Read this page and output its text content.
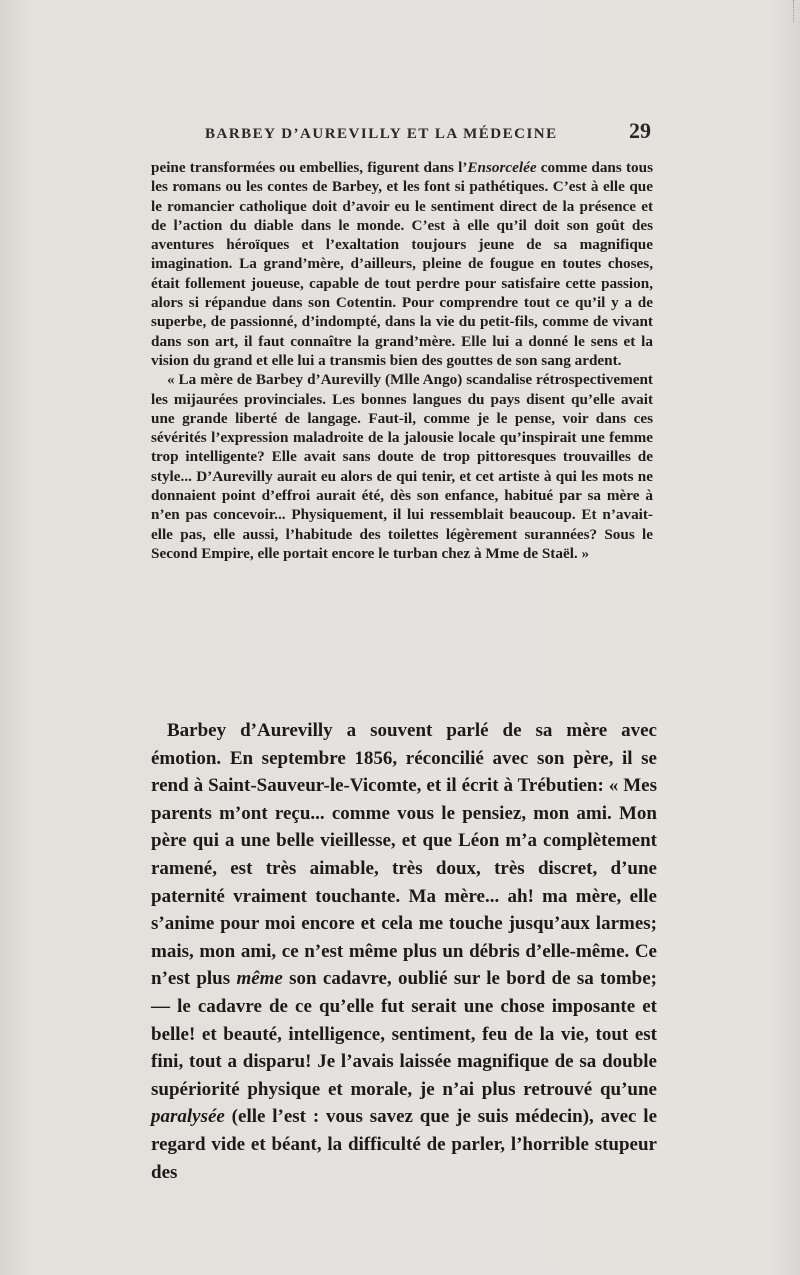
BARBEY D’AUREVILLY ET LA MÉDECINE	29

peine transformées ou embellies, figurent dans l’Ensorcelée comme dans tous les romans ou les contes de Barbey, et les font si pathétiques. C’est à elle que le romancier catholique doit d’avoir eu le sentiment direct de la présence et de l’action du diable dans le monde. C’est à elle qu’il doit son goût des aventures héroïques et l’exaltation toujours jeune de sa magnifique imagination. La grand’mère, d’ailleurs, pleine de fougue en toutes choses, était follement joueuse, capable de tout perdre pour satisfaire cette passion, alors si répandue dans son Cotentin. Pour comprendre tout ce qu’il y a de superbe, de passionné, d’indompté, dans la vie du petit-fils, comme de vivant dans son art, il faut connaître la grand’mère. Elle lui a donné le sens et la vision du grand et elle lui a transmis bien des gouttes de son sang ardent.

« La mère de Barbey d’Aurevilly (Mlle Ango) scandalise rétrospectivement les mijaurées provinciales. Les bonnes langues du pays disent qu’elle avait une grande liberté de langage. Faut-il, comme je le pense, voir dans ces sévérités l’expression maladroite de la jalousie locale qu’inspirait une femme trop intelligente? Elle avait sans doute de trop pittoresques trouvailles de style... D’Aurevilly aurait eu alors de qui tenir, et cet artiste à qui les mots ne donnaient point d’effroi aurait été, dès son enfance, habitué par sa mère à n’en pas concevoir... Physiquement, il lui ressemblait beaucoup. Et n’avait-elle pas, elle aussi, l’habitude des toilettes légèrement surannées? Sous le Second Empire, elle portait encore le turban chez à Mme de Staël. »

Barbey d’Aurevilly a souvent parlé de sa mère avec émotion. En septembre 1856, réconcilié avec son père, il se rend à Saint-Sauveur-le-Vicomte, et il écrit à Trébutien: « Mes parents m’ont reçu... comme vous le pensiez, mon ami. Mon père qui a une belle vieillesse, et que Léon m’a complètement ramené, est très aimable, très doux, très discret, d’une paternité vraiment touchante. Ma mère... ah! ma mère, elle s’anime pour moi encore et cela me touche jusqu’aux larmes; mais, mon ami, ce n’est même plus un débris d’elle-même. Ce n’est plus même son cadavre, oublié sur le bord de sa tombe; — le cadavre de ce qu’elle fut serait une chose imposante et belle! et beauté, intelligence, sentiment, feu de la vie, tout est fini, tout a disparu! Je l’avais laissée magnifique de sa double supériorité physique et morale, je n’ai plus retrouvé qu’une paralysée (elle l’est : vous savez que je suis médecin), avec le regard vide et béant, la difficulté de parler, l’horrible stupeur des
